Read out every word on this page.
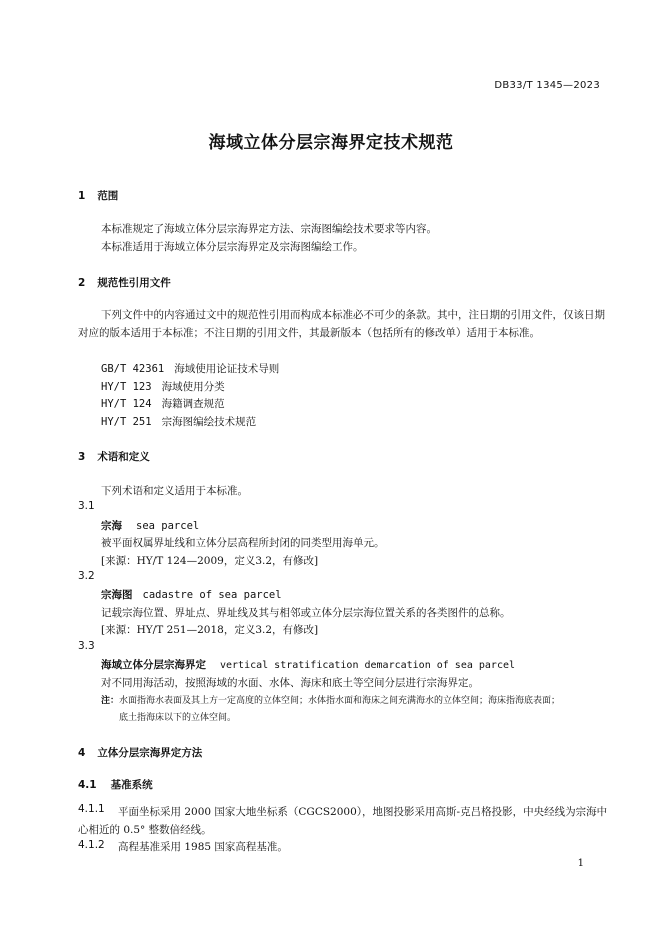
DB33/T 1345—2023
海域立体分层宗海界定技术规范
1 范围
本标准规定了海域立体分层宗海界定方法、宗海图编绘技术要求等内容。
本标准适用于海域立体分层宗海界定及宗海图编绘工作。
2 规范性引用文件
下列文件中的内容通过文中的规范性引用而构成本标准必不可少的条款。其中，注日期的引用文件，仅该日期对应的版本适用于本标准；不注日期的引用文件，其最新版本（包括所有的修改单）适用于本标准。
GB/T 42361 海域使用论证技术导则
HY/T 123 海域使用分类
HY/T 124 海籍调查规范
HY/T 251 宗海图编绘技术规范
3 术语和定义
下列术语和定义适用于本标准。
3.1
宗海 sea parcel
被平面权属界址线和立体分层高程所封闭的同类型用海单元。
[来源：HY/T 124—2009，定义3.2，有修改]
3.2
宗海图 cadastre of sea parcel
记载宗海位置、界址点、界址线及其与相邻或立体分层宗海位置关系的各类图件的总称。
[来源：HY/T 251—2018，定义3.2，有修改]
3.3
海域立体分层宗海界定 vertical stratification demarcation of sea parcel
对不同用海活动，按照海域的水面、水体、海床和底土等空间分层进行宗海界定。
注：水面指海水表面及其上方一定高度的立体空间；水体指水面和海床之间充满海水的立体空间；海床指海底表面；
底土指海床以下的立体空间。
4 立体分层宗海界定方法
4.1 基准系统
4.1.1	平面坐标采用 2000 国家大地坐标系（CGCS2000），地图投影采用高斯-克吕格投影，中央经线为宗海中心相近的 0.5° 整数倍经线。
4.1.2 高程基准采用 1985 国家高程基准。
1
